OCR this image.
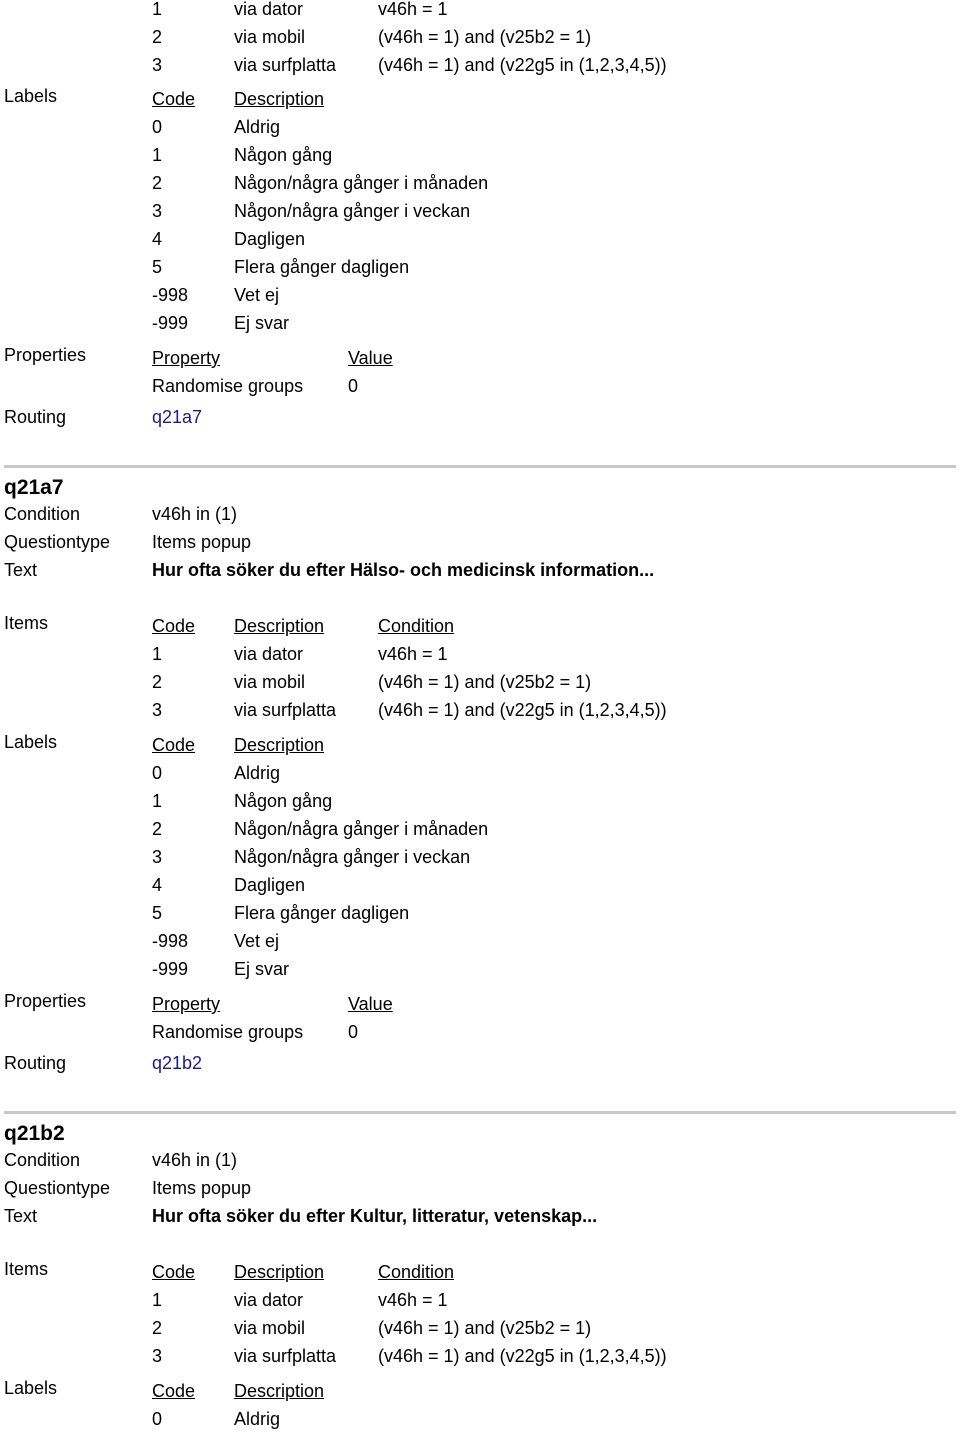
1	via dator	v46h = 1
2	via mobil	(v46h = 1) and (v25b2 = 1)
3	via surfplatta (v46h = 1) and (v22g5 in (1,2,3,4,5))
Labels	Code Description
0	Aldrig
1	Någon gång
2	Någon/några gånger i månaden
3	Någon/några gånger i veckan
4	Dagligen
5	Flera gånger dagligen
-998	Vet ej
-999	Ej svar
Properties	Property	Value
Randomise groups 0
Routing	q21a7
q21a7
Condition	v46h in (1)
Questiontype Items popup
Text	Hur ofta söker du efter Hälso- och medicinsk information...
Items	Code Description	Condition
1	via dator	v46h = 1
2	via mobil	(v46h = 1) and (v25b2 = 1)
3	via surfplatta (v46h = 1) and (v22g5 in (1,2,3,4,5))
Labels	Code Description
0	Aldrig
1	Någon gång
2	Någon/några gånger i månaden
3	Någon/några gånger i veckan
4	Dagligen
5	Flera gånger dagligen
-998	Vet ej
-999	Ej svar
Properties	Property	Value
Randomise groups 0
Routing	q21b2
q21b2
Condition	v46h in (1)
Questiontype Items popup
Text	Hur ofta söker du efter Kultur, litteratur, vetenskap...
Items	Code Description	Condition
1	via dator	v46h = 1
2	via mobil	(v46h = 1) and (v25b2 = 1)
3	via surfplatta (v46h = 1) and (v22g5 in (1,2,3,4,5))
Labels	Code Description
0	Aldrig
